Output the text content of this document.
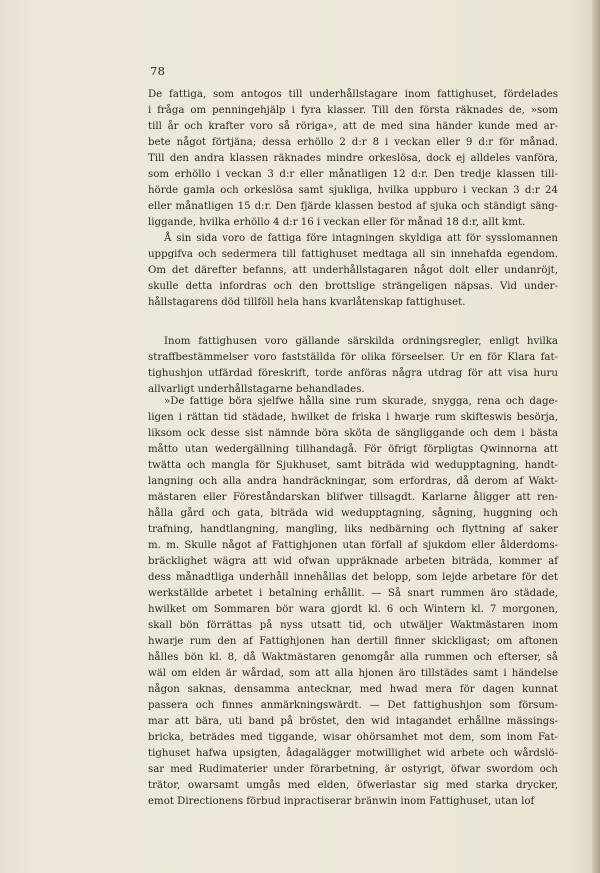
78

De fattiga, som antogos till underhållstagare inom fattighuset, fördelades

i fråga om penningehjälp i fyra klasser. Till den första räknades de, »som

till år och krafter voro så röriga», att de med sina händer kunde med ar-

bete något förtjäna; dessa erhöllo 2 d:r 8 i veckan eller 9 d:r för månad.

Till den andra klassen räknades mindre orkeslösa, dock ej alldeles vanföra,

som erhöllo i veckan 3 d:r eller månatligen 12 d:r. Den tredje klassen till-

hörde gamla och orkeslösa samt sjukliga, hvilka uppburo i veckan 3 d:r 24

eller månatligen 15 d:r. Den fjärde klassen bestod af sjuka och ständigt säng-

liggande, hvilka erhöllo 4 d:r 16 i veckan eller för månad 18 d:r, allt kmt.

Å sin sida voro de fattiga före intagningen skyldiga att för sysslomannen

uppgifva och sedermera till fattighuset medtaga all sin innehafda egendom.

Om det därefter befanns, att underhållstagaren något dolt eller undanröjt,

skulle detta infordras och den brottslige strängeligen näpsas. Vid under-

hållstagarens död tillföll hela hans kvarlåtenskap fattighuset.

Inom fattighusen voro gällande särskilda ordningsregler, enligt hvilka

straffbestämmelser voro fastställda för olika förseelser. Ur en för Klara fat-

tighushjon utfärdad föreskrift, torde anföras några utdrag för att visa huru

allvarligt underhållstagarne behandlades.

»De fattige böra sjelfwe hålla sine rum skurade, snygga, rena och dage-

ligen i rättan tid städade, hwilket de friska i hwarje rum skifteswis besörja,

liksom ock desse sist nämnde böra sköta de sängliggande och dem i bästa

måtto utan wedergällning tillhandagå. För öfrigt förpligtas Qwinnorna att

twätta och mangla för Sjukhuset, samt biträda wid wedupptagning, handt-

langning och alla andra handräckningar, som erfordras, då derom af Wakt-

mästaren eller Föreståndarskan blifwer tillsagdt. Karlarne åligger att ren-

hålla gård och gata, biträda wid wedupptagning, sågning, huggning och

trafning, handtlangning, mangling, liks nedbärning och flyttning af saker

m. m. Skulle något af Fattighjonen utan förfall af sjukdom eller ålderdoms-

bräcklighet wägra att wid ofwan uppräknade arbeten biträda, kommer af

dess månadtliga underhåll innehållas det belopp, som lejde arbetare för det

werkställde arbetet i betalning erhållit. — Så snart rummen äro städade,

hwilket om Sommaren bör wara gjordt kl. 6 och Wintern kl. 7 morgonen,

skall bön förrättas på nyss utsatt tid, och utwäljer Waktmästaren inom

hwarje rum den af Fattighjonen han dertill finner skickligast; om aftonen

hålles bön kl. 8, då Waktmästaren genomgår alla rummen och efterser, så

wäl om elden är wårdad, som att alla hjonen äro tillstädes samt i händelse

någon saknas, densamma antecknar, med hwad mera för dagen kunnat

passera och finnes anmärkningswärdt. — Det fattighushjon som försum-

mar att bära, uti band på bröstet, den wid intagandet erhållne mässings-

bricka, beträdes med tiggande, wisar ohörsamhet mot dem, som inom Fat-

tighuset hafwa upsigten, ådagalägger motwillighet wid arbete och wårdslö-

sar med Rudimaterier under förarbetning, är ostyrigt, öfwar swordom och

trätor, owarsamt umgås med elden, öfwerlastar sig med starka drycker,

emot Directionens förbud inpractiserar bränwin inom Fattighuset, utan lof
